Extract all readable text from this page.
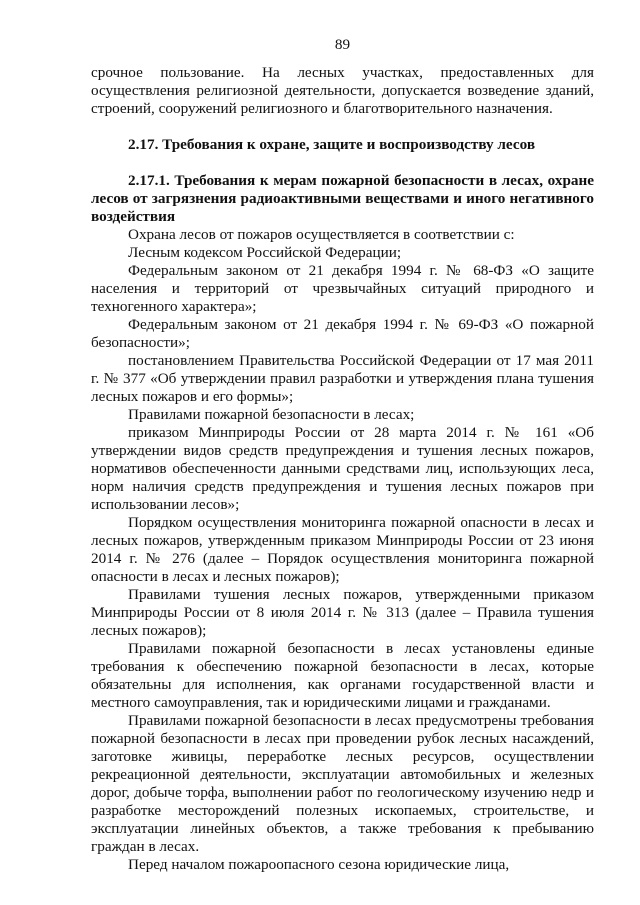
89

срочное пользование. На лесных участках, предоставленных для осуществления религиозной деятельности, допускается возведение зданий, строений, сооружений религиозного и благотворительного назначения.

2.17. Требования к охране, защите и воспроизводству лесов
2.17.1. Требования к мерам пожарной безопасности в лесах, охране лесов от загрязнения радиоактивными веществами и иного негативного воздействия

Охрана лесов от пожаров осуществляется в соответствии с:

Лесным кодексом Российской Федерации;

Федеральным законом от 21 декабря 1994 г. № 68-ФЗ «О защите населения и территорий от чрезвычайных ситуаций природного и техногенного характера»;

Федеральным законом от 21 декабря 1994 г. № 69-ФЗ «О пожарной безопасности»;

постановлением Правительства Российской Федерации от 17 мая 2011 г. № 377 «Об утверждении правил разработки и утверждения плана тушения лесных пожаров и его формы»;

Правилами пожарной безопасности в лесах;

приказом Минприроды России от 28 марта 2014 г. № 161 «Об утверждении видов средств предупреждения и тушения лесных пожаров, нормативов обеспеченности данными средствами лиц, использующих леса, норм наличия средств предупреждения и тушения лесных пожаров при использовании лесов»;

Порядком осуществления мониторинга пожарной опасности в лесах и лесных пожаров, утвержденным приказом Минприроды России от 23 июня 2014 г. № 276 (далее – Порядок осуществления мониторинга пожарной опасности в лесах и лесных пожаров);

Правилами тушения лесных пожаров, утвержденными приказом Минприроды России от 8 июля 2014 г. № 313 (далее – Правила тушения лесных пожаров);

Правилами пожарной безопасности в лесах установлены единые требования к обеспечению пожарной безопасности в лесах, которые обязательны для исполнения, как органами государственной власти и местного самоуправления, так и юридическими лицами и гражданами.

Правилами пожарной безопасности в лесах предусмотрены требования пожарной безопасности в лесах при проведении рубок лесных насаждений, заготовке живицы, переработке лесных ресурсов, осуществлении рекреационной деятельности, эксплуатации автомобильных и железных дорог, добыче торфа, выполнении работ по геологическому изучению недр и разработке месторождений полезных ископаемых, строительстве, и эксплуатации линейных объектов, а также требования к пребыванию граждан в лесах.

Перед началом пожароопасного сезона юридические лица,
